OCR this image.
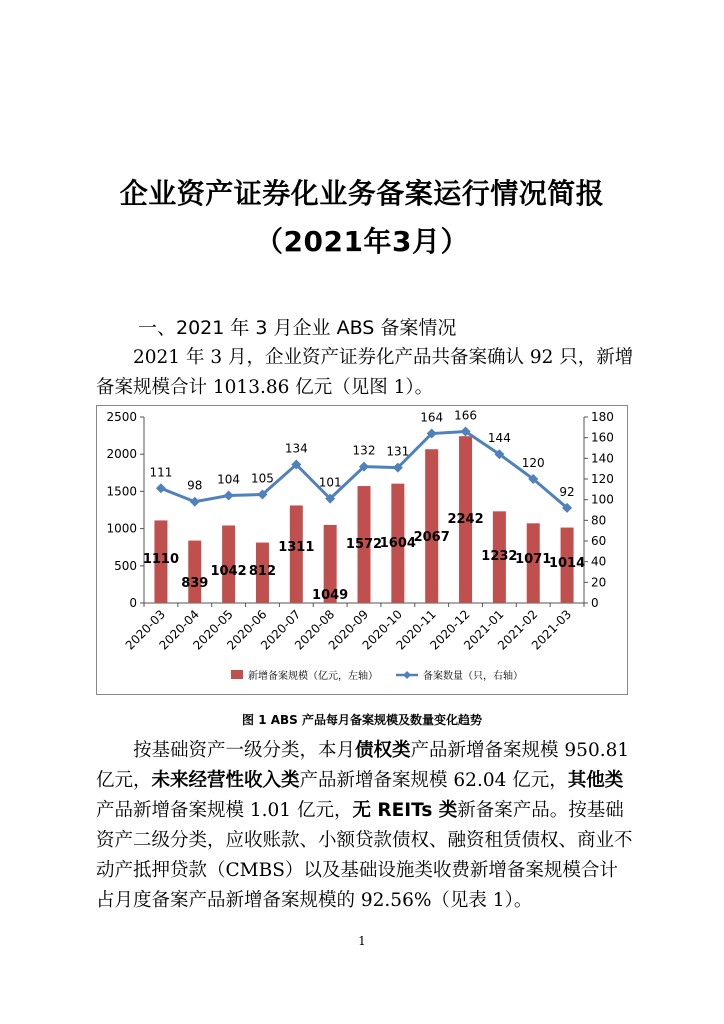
企业资产证券化业务备案运行情况简报
（2021年3月）
一、2021 年 3 月企业 ABS 备案情况
2021 年 3 月，企业资产证券化产品共备案确认 92 只，新增备案规模合计 1013.86 亿元（见图 1）。
0
500
1000
1500
2000
2500
0
20
40
60
80
100
120
140
160
180
2020-03
2020-04
2020-05
2020-06
2020-07
2020-08
2020-09
2020-10
2020-11
2020-12
2021-01
2021-02
2021-03
1110
839
1042 812
1311
1049
1572
1604
2067
2242
1232
1071
1014
111
98 104 105
134
101
132 131
164 166
144
120
92
新增备案规模（亿元，左轴）	备案数量（只，右轴）
图 1 ABS 产品每月备案规模及数量变化趋势
按基础资产一级分类，本月债权类产品新增备案规模 950.81 亿元，未来经营性收入类产品新增备案规模 62.04 亿元，其他类产品新增备案规模 1.01 亿元，无 REITs 类新备案产品。按基础资产二级分类，应收账款、小额贷款债权、融资租赁债权、商业不动产抵押贷款（CMBS）以及基础设施类收费新增备案规模合计占月度备案产品新增备案规模的 92.56%（见表 1）。
1
